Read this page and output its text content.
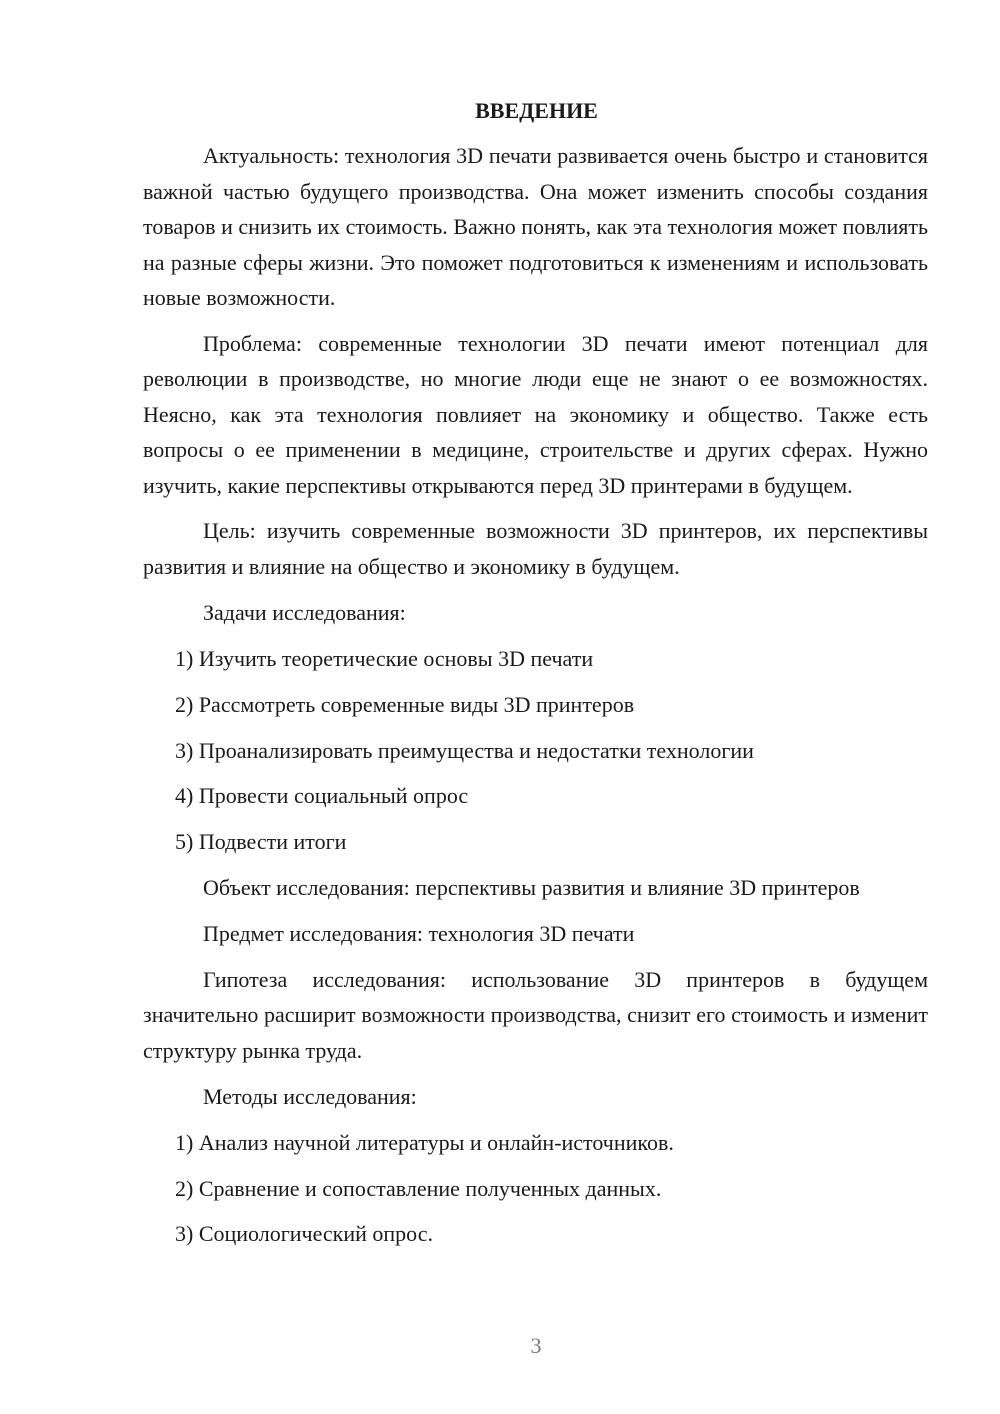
ВВЕДЕНИЕ

Актуальность: технология 3D печати развивается очень быстро и становится важной частью будущего производства. Она может изменить способы создания товаров и снизить их стоимость. Важно понять, как эта технология может повлиять на разные сферы жизни. Это поможет подготовиться к изменениям и использовать новые возможности.

Проблема: современные технологии 3D печати имеют потенциал для революции в производстве, но многие люди еще не знают о ее возможностях. Неясно, как эта технология повлияет на экономику и общество. Также есть вопросы о ее применении в медицине, строительстве и других сферах. Нужно изучить, какие перспективы открываются перед 3D принтерами в будущем.

Цель: изучить современные возможности 3D принтеров, их перспективы развития и влияние на общество и экономику в будущем.

Задачи исследования:

1) Изучить теоретические основы 3D печати

2) Рассмотреть современные виды 3D принтеров

3) Проанализировать преимущества и недостатки технологии

4) Провести социальный опрос

5) Подвести итоги

Объект исследования: перспективы развития и влияние 3D принтеров

Предмет исследования: технология 3D печати

Гипотеза исследования: использование 3D принтеров в будущем значительно расширит возможности производства, снизит его стоимость и изменит структуру рынка труда.

Методы исследования:

1) Анализ научной литературы и онлайн-источников.

2) Сравнение и сопоставление полученных данных.

3) Социологический опрос.

3
